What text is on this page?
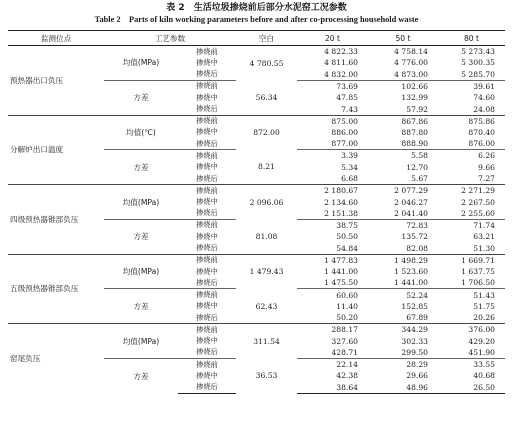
表 2　生活垃圾掺烧前后部分水泥窑工况参数
Table 2　Parts of kiln working parameters before and after co-processing household waste
监测位点	工艺参数		空白	20 t	50 t	80 t
预热器出口负压	均值(MPa)	掺烧前	4 780.55	4 822.33	4 758.14	5 273.43
		掺烧中		4 811.60	4 776.00	5 300.35
		掺烧后		4 832.00	4 873.00	5 285.70
	方差	掺烧前	56.34	73.69	102.66	39.61
		掺烧中		47.85	132.99	74.60
		掺烧后		7.43	57.92	24.08
分解炉出口温度	均值(℃)	掺烧前	872.00	875.00	867.86	875.86
		掺烧中		886.00	887.80	870.40
		掺烧后		877.00	888.90	876.00
	方差	掺烧前	8.21	3.39	5.58	6.26
		掺烧中		5.34	12.70	9.66
		掺烧后		6.68	5.67	7.27
四级预热器锥部负压	均值(MPa)	掺烧前	2 096.06	2 180.67	2 077.29	2 271.29
		掺烧中		2 134.60	2 046.27	2 267.50
		掺烧后		2 151.38	2 041.40	2 255.60
	方差	掺烧前	81.08	38.75	72.83	71.74
		掺烧中		50.50	135.72	63.21
		掺烧后		54.84	82.08	51.30
五级预热器锥部负压	均值(MPa)	掺烧前	1 479.43	1 477.83	1 498.29	1 669.71
		掺烧中		1 441.00	1 523.60	1 637.75
		掺烧后		1 475.50	1 441.00	1 706.50
	方差	掺烧前	62.43	60.60	52.24	51.43
		掺烧中		11.40	152.85	51.75
		掺烧后		50.20	67.89	20.26
窑尾负压	均值(MPa)	掺烧前	311.54	288.17	344.29	376.00
		掺烧中		327.60	302.33	429.20
		掺烧后		428.71	299.50	451.90
	方差	掺烧前	36.53	22.14	28.29	33.55
		掺烧中		42.38	29.66	40.68
		掺烧后		38.64	48.96	26.50
